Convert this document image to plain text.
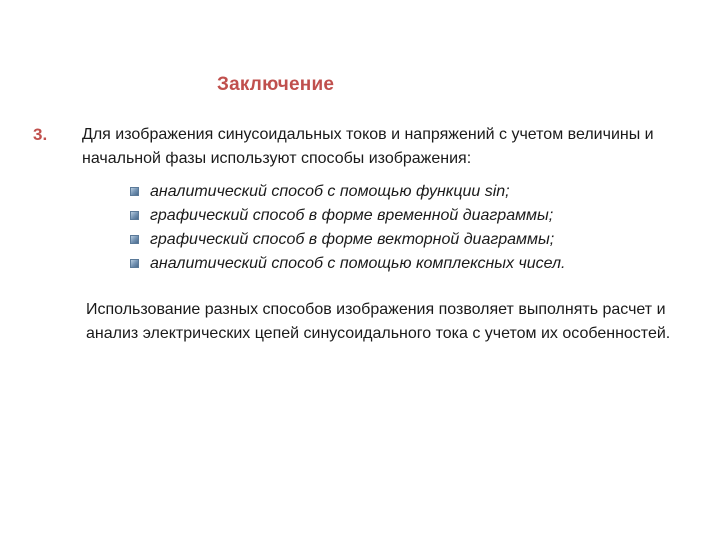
Заключение
3. Для изображения синусоидальных токов и напряжений с учетом величины и начальной фазы используют способы изображения:
аналитический способ с помощью функции sin;
графический способ в форме временной диаграммы;
графический способ в форме векторной диаграммы;
аналитический способ с помощью комплексных чисел.
Использование разных способов изображения позволяет выполнять расчет и анализ электрических цепей синусоидального тока с учетом их особенностей.
